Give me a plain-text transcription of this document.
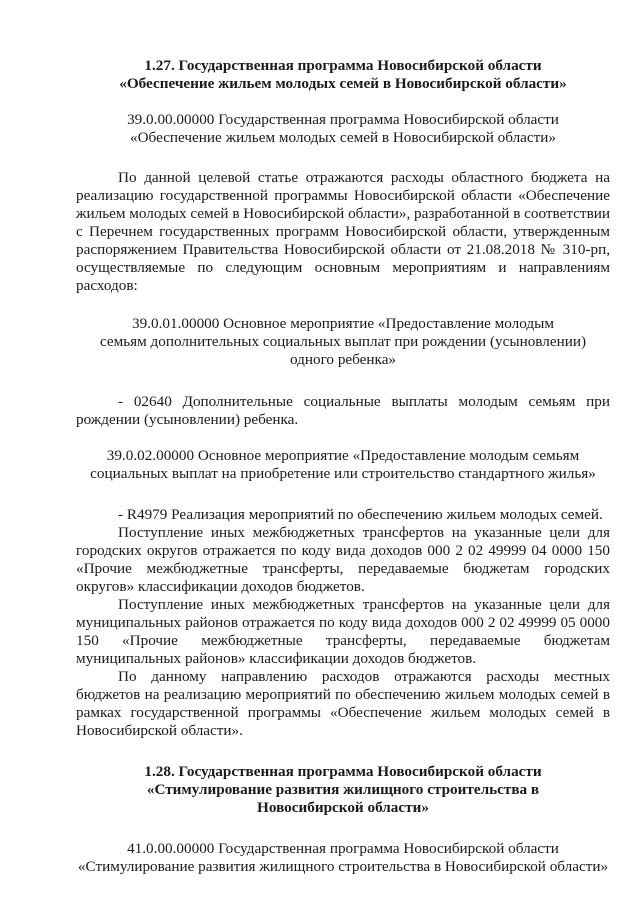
1.27. Государственная программа Новосибирской области

«Обеспечение жильем молодых семей в Новосибирской области»

39.0.00.00000 Государственная программа Новосибирской области

«Обеспечение жильем молодых семей в Новосибирской области»

По данной целевой статье отражаются расходы областного бюджета на реализацию государственной программы Новосибирской области «Обеспечение жильем молодых семей в Новосибирской области», разработанной в соответствии с Перечнем государственных программ Новосибирской области, утвержденным распоряжением Правительства Новосибирской области от 21.08.2018 № 310-рп, осуществляемые по следующим основным мероприятиям и направлениям расходов:

39.0.01.00000 Основное мероприятие «Предоставление молодым

семьям дополнительных социальных выплат при рождении (усыновлении)

одного ребенка»

- 02640 Дополнительные социальные выплаты молодым семьям при рождении (усыновлении) ребенка.

39.0.02.00000 Основное мероприятие «Предоставление молодым семьям

социальных выплат на приобретение или строительство стандартного жилья»

- R4979 Реализация мероприятий по обеспечению жильем молодых семей.

Поступление иных межбюджетных трансфертов на указанные цели для городских округов отражается по коду вида доходов 000 2 02 49999 04 0000 150 «Прочие межбюджетные трансферты, передаваемые бюджетам городских округов» классификации доходов бюджетов.

Поступление иных межбюджетных трансфертов на указанные цели для муниципальных районов отражается по коду вида доходов 000 2 02 49999 05 0000 150 «Прочие межбюджетные трансферты, передаваемые бюджетам муниципальных районов» классификации доходов бюджетов.

По данному направлению расходов отражаются расходы местных бюджетов на реализацию мероприятий по обеспечению жильем молодых семей в рамках государственной программы «Обеспечение жильем молодых семей в Новосибирской области».

1.28. Государственная программа Новосибирской области

«Стимулирование развития жилищного строительства в

Новосибирской области»

41.0.00.00000 Государственная программа Новосибирской области

«Стимулирование развития жилищного строительства в Новосибирской области»
